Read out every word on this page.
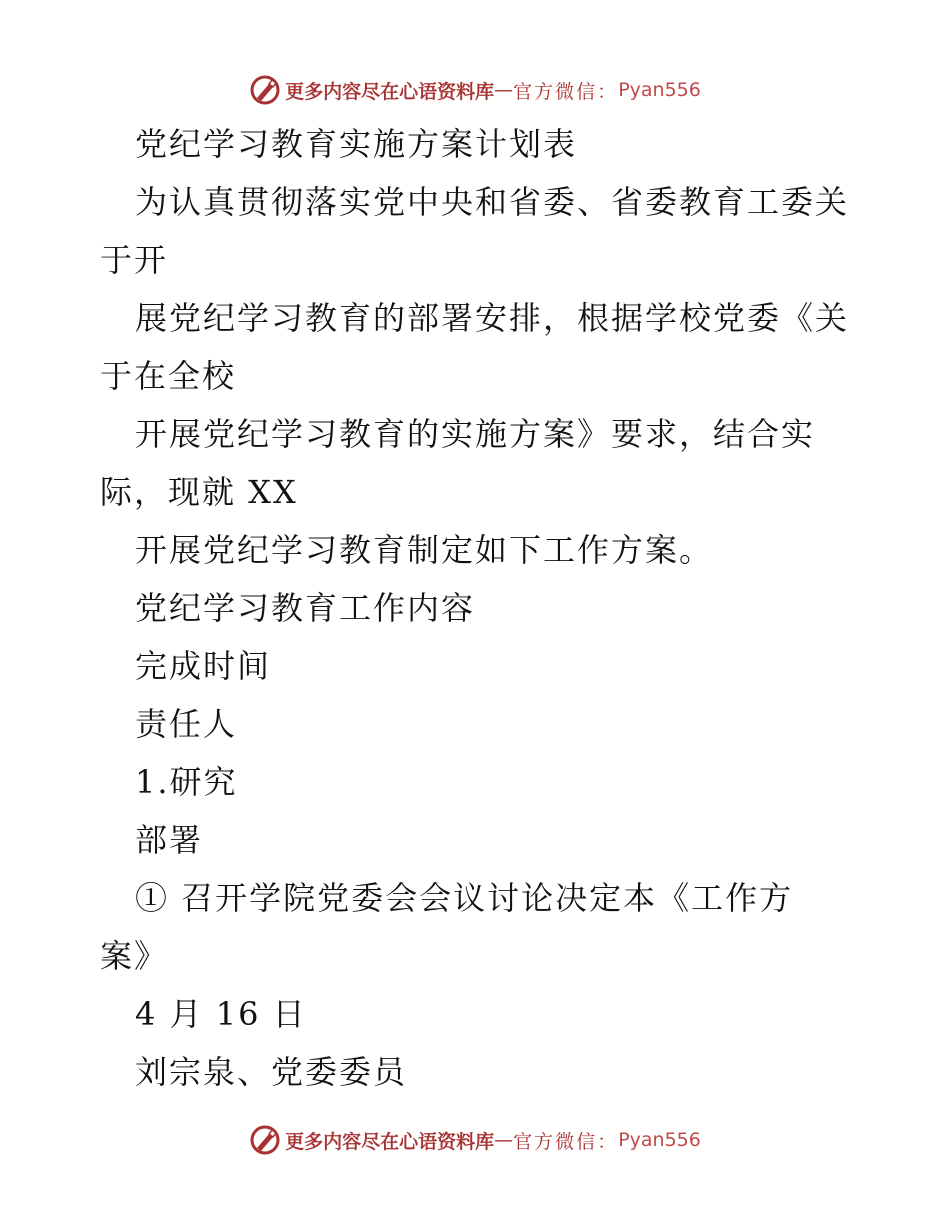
更多内容尽在心语资料库 — 官方微信： Pyan556
党纪学习教育实施方案计划表
为认真贯彻落实党中央和省委、省委教育工委关
于开
展党纪学习教育的部署安排，根据学校党委《关
于在全校
开展党纪学习教育的实施方案》要求，结合实
际，现就 XX
开展党纪学习教育制定如下工作方案。
党纪学习教育工作内容
完成时间
责任人
1.研究
部署
① 召开学院党委会会议讨论决定本《工作方
案》
4 月 16 日
刘宗泉、党委委员
更多内容尽在心语资料库 — 官方微信： Pyan556
